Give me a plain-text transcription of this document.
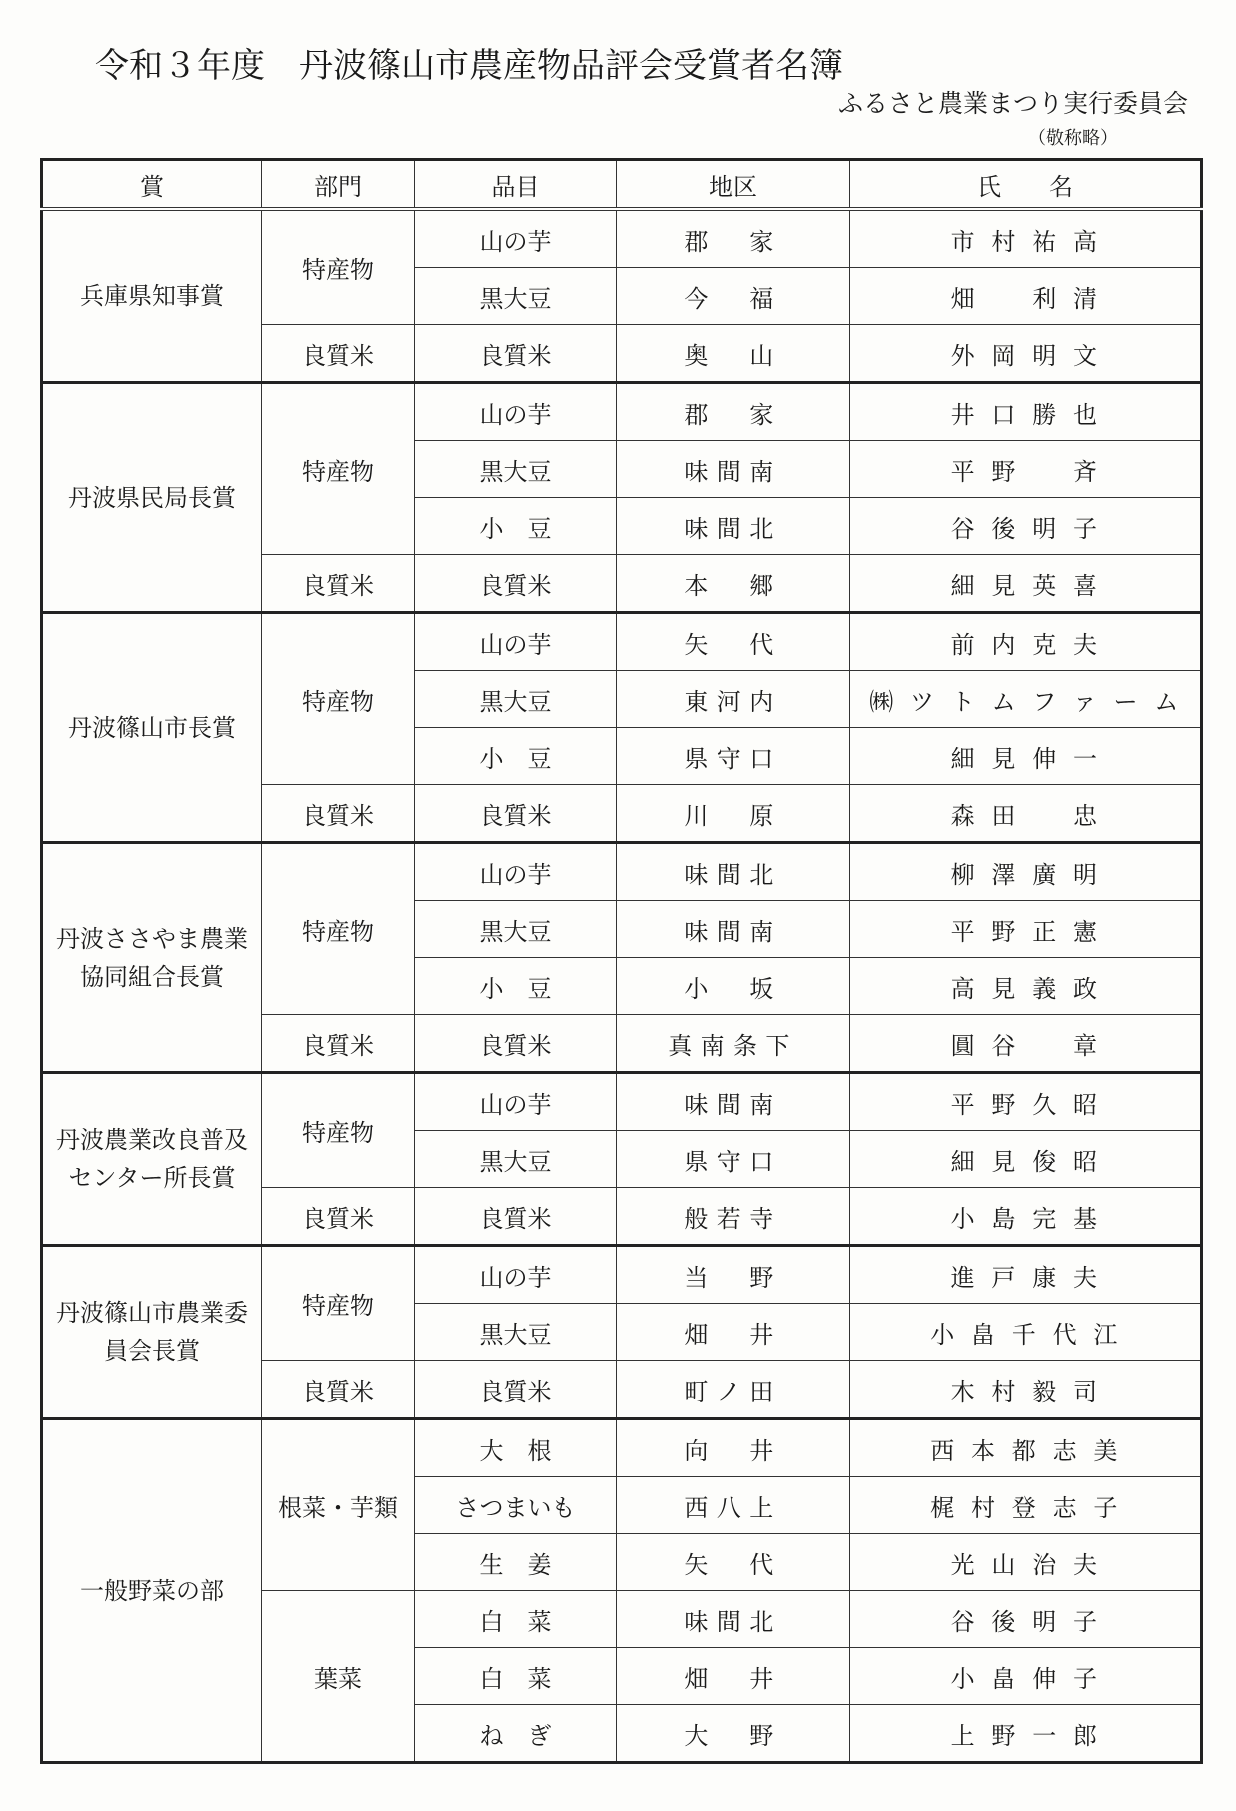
令和３年度　丹波篠山市農産物品評会受賞者名簿
ふるさと農業まつり実行委員会
（敬称略）
賞	部門	品目	地区	氏　　名
兵庫県知事賞	特産物	山の芋	郡　家	市村祐高
		黒大豆	今　福	畑　利清
	良質米	良質米	奥　山	外岡明文
丹波県民局長賞	特産物	山の芋	郡　家	井口勝也
		黒大豆	味間南	平野　斉
		小　豆	味間北	谷後明子
	良質米	良質米	本　郷	細見英喜
丹波篠山市長賞	特産物	山の芋	矢　代	前内克夫
		黒大豆	東河内	㈱ツトムファーム
		小　豆	県守口	細見伸一
	良質米	良質米	川　原	森田　忠
丹波ささやま農業協同組合長賞	特産物	山の芋	味間北	柳澤廣明
		黒大豆	味間南	平野正憲
		小　豆	小　坂	高見義政
	良質米	良質米	真南条下	圓谷　章
丹波農業改良普及センター所長賞	特産物	山の芋	味間南	平野久昭
		黒大豆	県守口	細見俊昭
	良質米	良質米	般若寺	小島完基
丹波篠山市農業委員会長賞	特産物	山の芋	当　野	進戸康夫
		黒大豆	畑　井	小畠千代江
	良質米	良質米	町ノ田	木村毅司
一般野菜の部	根菜・芋類	大　根	向　井	西本都志美
		さつまいも	西八上	梶村登志子
		生　姜	矢　代	光山治夫
	葉菜	白　菜	味間北	谷後明子
		白　菜	畑　井	小畠伸子
		ね　ぎ	大　野	上野一郎
